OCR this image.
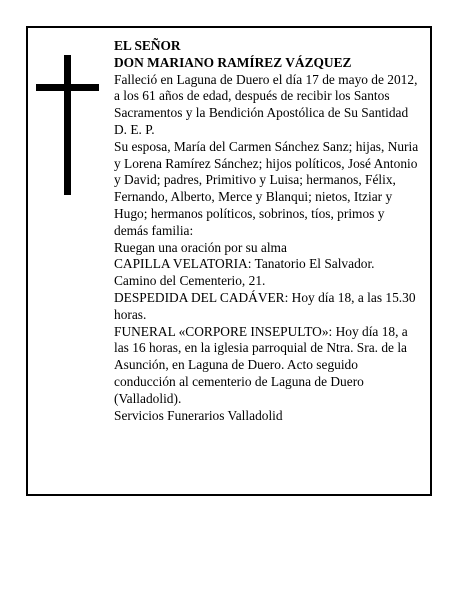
EL SEÑOR

DON MARIANO RAMÍREZ VÁZQUEZ

Falleció en Laguna de Duero el día 17 de mayo de 2012, a los 61 años de edad, después de recibir los Santos Sacramentos y la Bendición Apostólica de Su Santidad

D. E. P.

Su esposa, María del Carmen Sánchez Sanz; hijas, Nuria y Lorena Ramírez Sánchez; hijos políticos, José Antonio y David; padres, Primitivo y Luisa; hermanos, Félix, Fernando, Alberto, Merce y Blanqui; nietos, Itziar y Hugo; hermanos políticos, sobrinos, tíos, primos y demás familia:

Ruegan una oración por su alma

CAPILLA VELATORIA: Tanatorio El Salvador. Camino del Cementerio, 21.

DESPEDIDA DEL CADÁVER: Hoy día 18, a las 15.30 horas.

FUNERAL «CORPORE INSEPULTO»: Hoy día 18, a las 16 horas, en la iglesia parroquial de Ntra. Sra. de la Asunción, en Laguna de Duero. Acto seguido conducción al cementerio de Laguna de Duero (Valladolid).

Servicios Funerarios Valladolid
